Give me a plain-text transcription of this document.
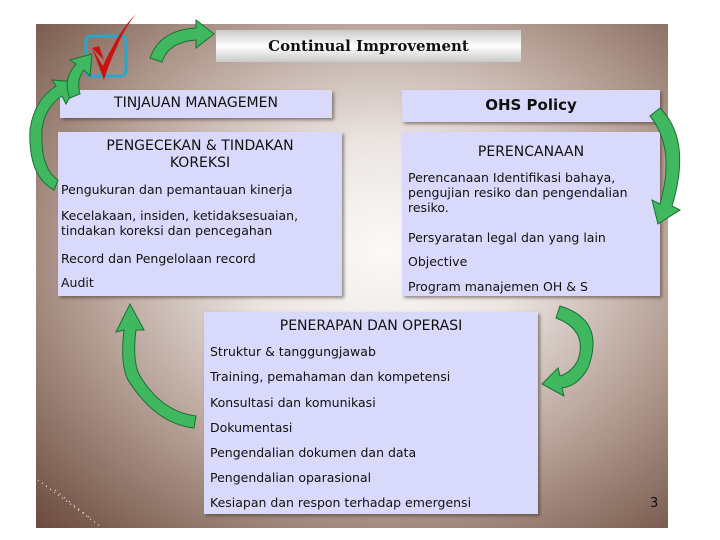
Continual Improvement
TINJAUAN MANAGEMEN	OHS Policy
PENGECEKAN & TINDAKAN KOREKSI
Pengukuran dan pemantauan kinerja
Kecelakaan, insiden, ketidaksesuaian, tindakan koreksi dan pencegahan
Record dan Pengelolaan record
Audit
PERENCANAAN
Perencanaan Identifikasi bahaya, pengujian resiko dan pengendalian resiko.
Persyaratan legal dan yang lain
Objective
Program manajemen OH & S
PENERAPAN DAN OPERASI
Struktur & tanggungjawab
Training, pemahaman dan kompetensi
Konsultasi dan komunikasi
Dokumentasi
Pengendalian dokumen dan data
Pengendalian oparasional
Kesiapan dan respon terhadap emergensi	3
